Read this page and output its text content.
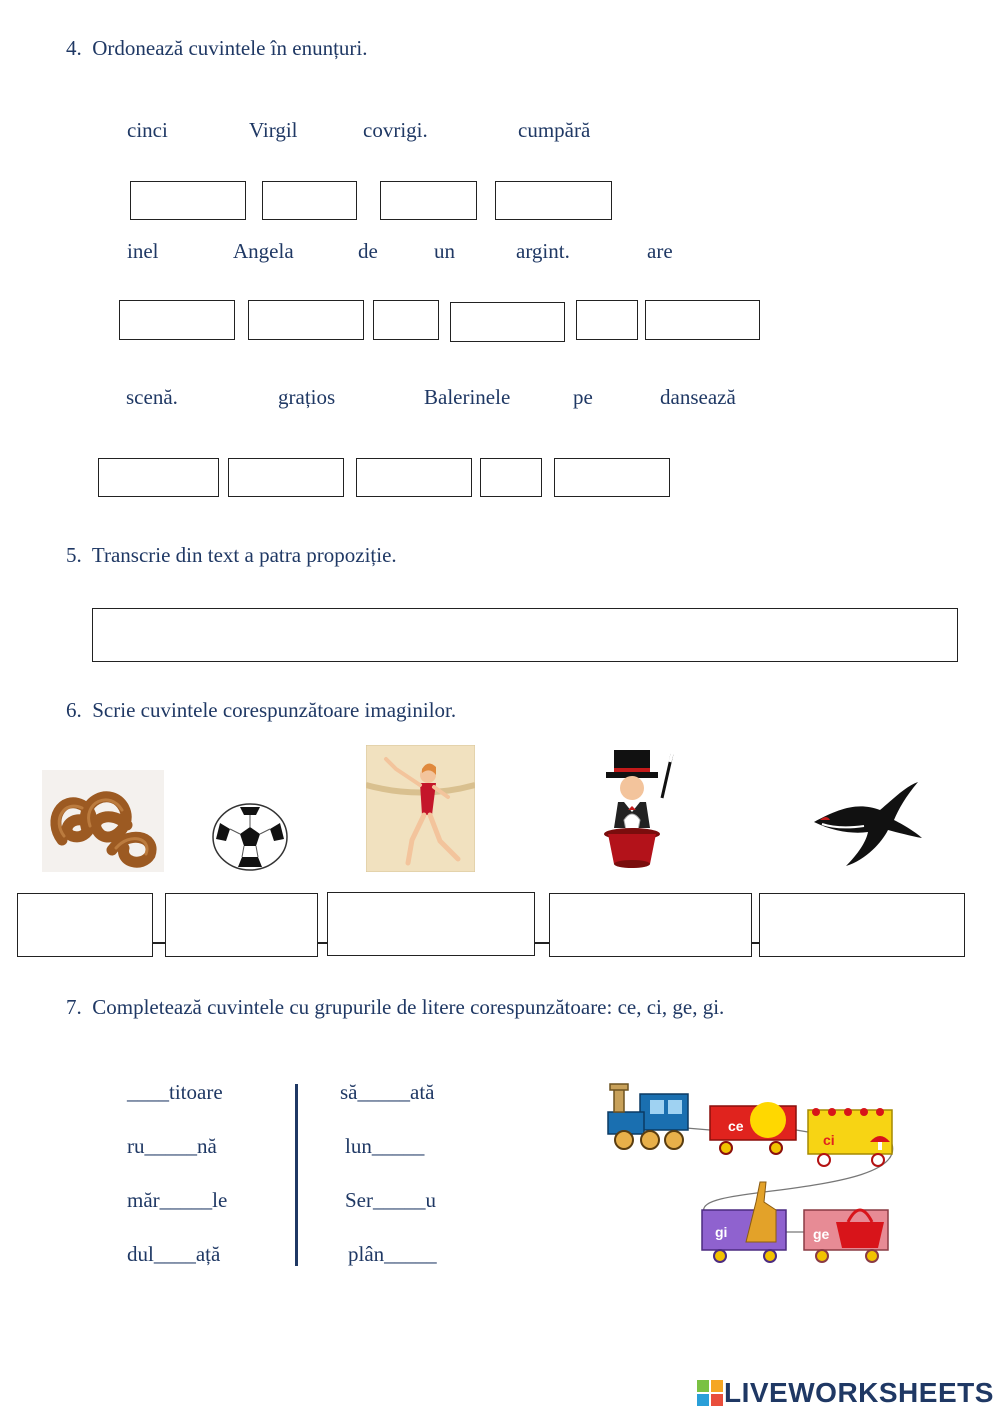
4. Ordonează cuvintele în enunțuri.
cinci	Virgil	covrigi.	cumpără
inel	Angela	de	un	argint.	are
scenă.	grațios	Balerinele	pe	dansează
5. Transcrie din text a patra propoziție.
6. Scrie cuvintele corespunzătoare imaginilor.
7. Completează cuvintele cu grupurile de litere corespunzătoare: ce, ci, ge, gi.
____titoare
ru_____nă
măr_____le
dul____ață
să_____ată
lun_____
Ser_____u
plân_____
ce
ci
gi	ge
LIVEWORKSHEETS
